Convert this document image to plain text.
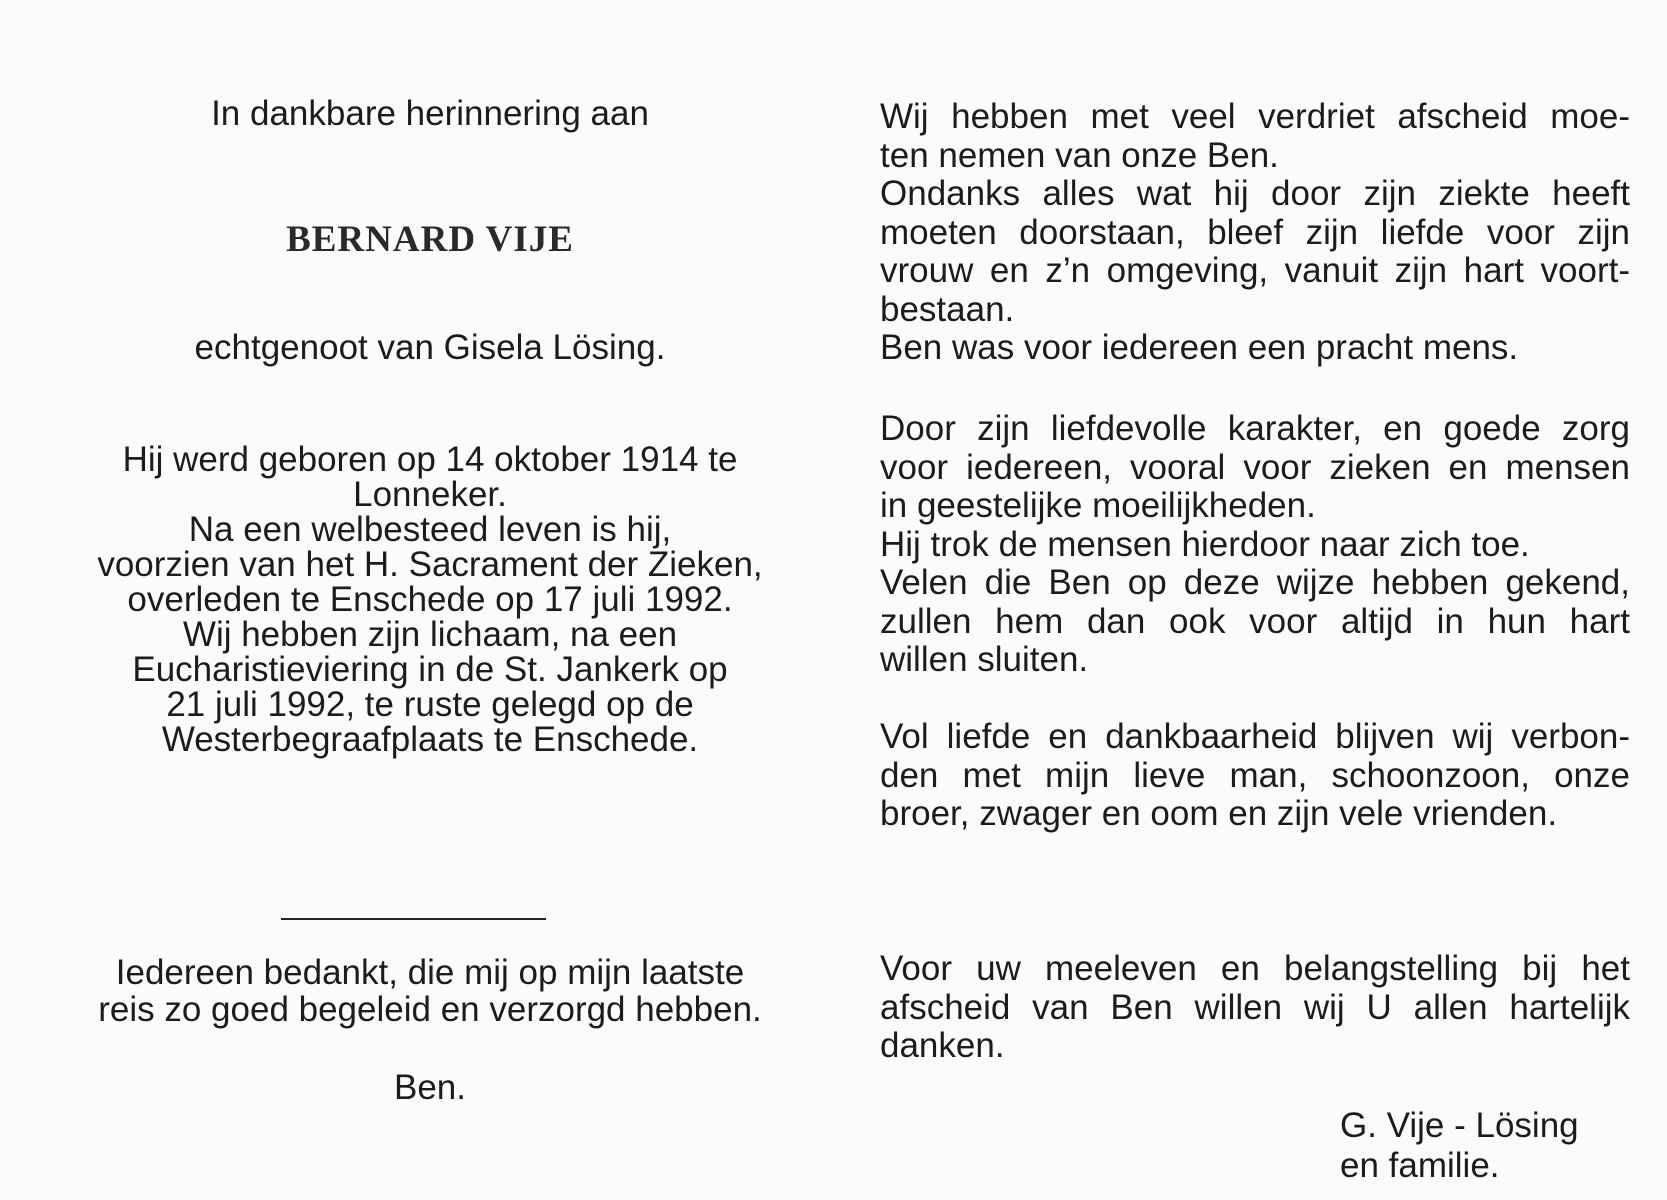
In dankbare herinnering aan
BERNARD VIJE
echtgenoot van Gisela Lösing.
Hij werd geboren op 14 oktober 1914 te
Lonneker.
Na een welbesteed leven is hij,
voorzien van het H. Sacrament der Zieken,
overleden te Enschede op 17 juli 1992.
Wij hebben zijn lichaam, na een
Eucharistieviering in de St. Jankerk op
21 juli 1992, te ruste gelegd op de
Westerbegraafplaats te Enschede.
Iedereen bedankt, die mij op mijn laatste
reis zo goed begeleid en verzorgd hebben.
Ben.
Wij hebben met veel verdriet afscheid moe-
ten nemen van onze Ben.
Ondanks alles wat hij door zijn ziekte heeft
moeten doorstaan, bleef zijn liefde voor zijn
vrouw en z’n omgeving, vanuit zijn hart voort-
bestaan.
Ben was voor iedereen een pracht mens.
Door zijn liefdevolle karakter, en goede zorg
voor iedereen, vooral voor zieken en mensen
in geestelijke moeilijkheden.
Hij trok de mensen hierdoor naar zich toe.
Velen die Ben op deze wijze hebben gekend,
zullen hem dan ook voor altijd in hun hart
willen sluiten.
Vol liefde en dankbaarheid blijven wij verbon-
den met mijn lieve man, schoonzoon, onze
broer, zwager en oom en zijn vele vrienden.
Voor uw meeleven en belangstelling bij het
afscheid van Ben willen wij U allen hartelijk
danken.
G. Vije - Lösing
en familie.
